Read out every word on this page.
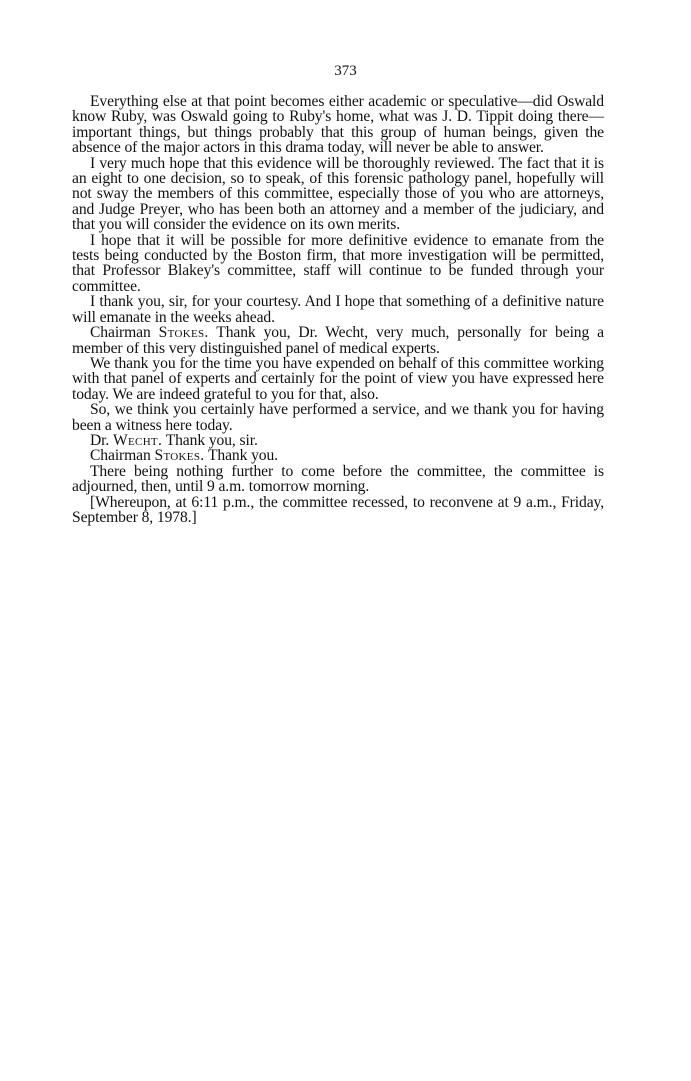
373

Everything else at that point becomes either academic or speculative—did Oswald know Ruby, was Oswald going to Ruby's home, what was J. D. Tippit doing there—important things, but things probably that this group of human beings, given the absence of the major actors in this drama today, will never be able to answer.

I very much hope that this evidence will be thoroughly reviewed. The fact that it is an eight to one decision, so to speak, of this forensic pathology panel, hopefully will not sway the members of this committee, especially those of you who are attorneys, and Judge Preyer, who has been both an attorney and a member of the judiciary, and that you will consider the evidence on its own merits.

I hope that it will be possible for more definitive evidence to emanate from the tests being conducted by the Boston firm, that more investigation will be permitted, that Professor Blakey's committee, staff will continue to be funded through your committee.

I thank you, sir, for your courtesy. And I hope that something of a definitive nature will emanate in the weeks ahead.

Chairman Stokes. Thank you, Dr. Wecht, very much, personally for being a member of this very distinguished panel of medical experts.

We thank you for the time you have expended on behalf of this committee working with that panel of experts and certainly for the point of view you have expressed here today. We are indeed grateful to you for that, also.

So, we think you certainly have performed a service, and we thank you for having been a witness here today.

Dr. Wecht. Thank you, sir.

Chairman Stokes. Thank you.

There being nothing further to come before the committee, the committee is adjourned, then, until 9 a.m. tomorrow morning.

[Whereupon, at 6:11 p.m., the committee recessed, to reconvene at 9 a.m., Friday, September 8, 1978.]
